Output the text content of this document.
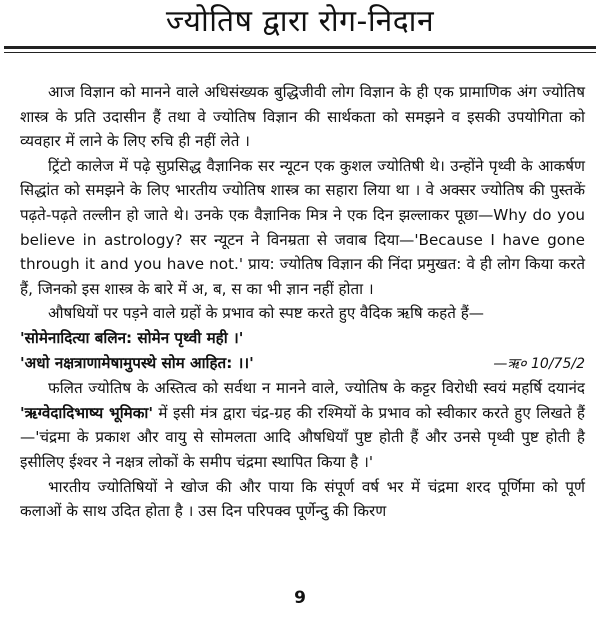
ज्योतिष द्वारा रोग-निदान

आज विज्ञान को मानने वाले अधिसंख्यक बुद्धिजीवी लोग विज्ञान के ही एक प्रामाणिक अंग ज्योतिष शास्त्र के प्रति उदासीन हैं तथा वे ज्योतिष विज्ञान की सार्थकता को समझने व इसकी उपयोगिता को व्यवहार में लाने के लिए रुचि ही नहीं लेते ।

ट्रिंटो कालेज में पढ़े सुप्रसिद्ध वैज्ञानिक सर न्यूटन एक कुशल ज्योतिषी थे। उन्होंने पृथ्वी के आकर्षण सिद्धांत को समझने के लिए भारतीय ज्योतिष शास्त्र का सहारा लिया था । वे अक्सर ज्योतिष की पुस्तकें पढ़ते-पढ़ते तल्लीन हो जाते थे। उनके एक वैज्ञानिक मित्र ने एक दिन झल्लाकर पूछा—Why do you believe in astrology? सर न्यूटन ने विनम्रता से जवाब दिया—'Because I have gone through it and you have not.' प्राय: ज्योतिष विज्ञान की निंदा प्रमुखत: वे ही लोग किया करते हैं, जिनको इस शास्त्र के बारे में अ, ब, स का भी ज्ञान नहीं होता ।

औषधियों पर पड़ने वाले ग्रहों के प्रभाव को स्पष्ट करते हुए वैदिक ऋषि कहते हैं—

'सोमेनादित्या बलिन: सोमेन पृथ्वी मही ।'

'अधो नक्षत्राणामेषामुपस्थे सोम आहित: ।।'	—ऋ० 10/75/2

फलित ज्योतिष के अस्तित्व को सर्वथा न मानने वाले, ज्योतिष के कट्टर विरोधी स्वयं महर्षि दयानंद 'ऋग्वेदादिभाष्य भूमिका' में इसी मंत्र द्वारा चंद्र-ग्रह की रश्मियों के प्रभाव को स्वीकार करते हुए लिखते हैं—'चंद्रमा के प्रकाश और वायु से सोमलता आदि औषधियाँ पुष्ट होती हैं और उनसे पृथ्वी पुष्ट होती है इसीलिए ईश्वर ने नक्षत्र लोकों के समीप चंद्रमा स्थापित किया है ।'

भारतीय ज्योतिषियों ने खोज की और पाया कि संपूर्ण वर्ष भर में चंद्रमा शरद पूर्णिमा को पूर्ण कलाओं के साथ उदित होता है । उस दिन परिपक्व पूर्णेन्दु की किरण

9
